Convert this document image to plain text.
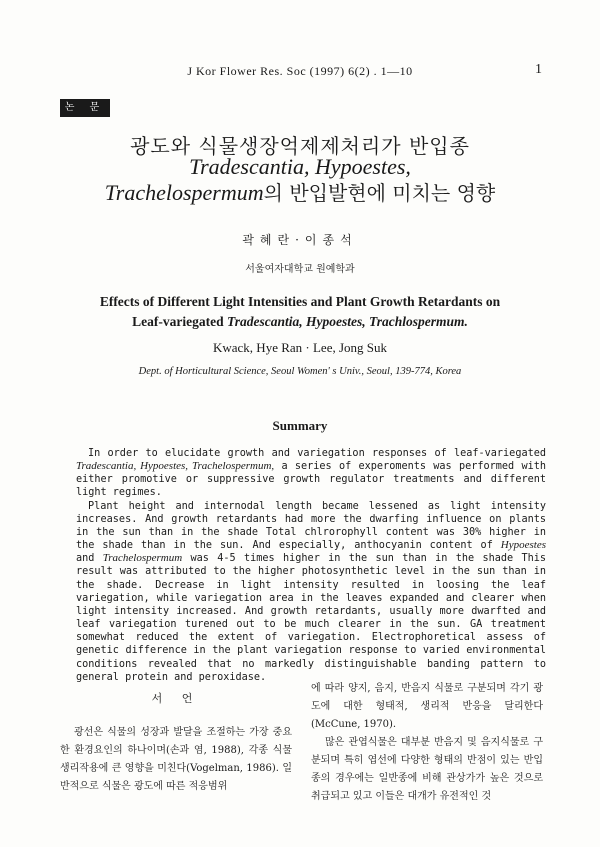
J Kor Flower Res. Soc (1997) 6(2) . 1—10	1
논 문
광도와 식물생장억제제처리가 반입종
Tradescantia, Hypoestes,
Trachelospermum의 반입발현에 미치는 영향
곽혜란·이종석
서울여자대학교 원예학과
Effects of Different Light Intensities and Plant Growth Retardants on
Leaf-variegated Tradescantia, Hypoestes, Trachlospermum.
Kwack, Hye Ran · Lee, Jong Suk
Dept. of Horticultural Science, Seoul Women' s Univ., Seoul, 139-774, Korea
Summary

In order to elucidate growth and variegation responses of leaf-variegated Tradescantia, Hypoestes, Trachelospermum, a series of experoments was performed with either promotive or suppressive growth regulator treatments and different light regimes.

Plant height and internodal length became lessened as light intensity increases. And growth retardants had more the dwarfing influence on plants in the sun than in the shade Total chlrorophyll content was 30% higher in the shade than in the sun. And especially, anthocyanin content of Hypoestes and Trachelospermum was 4-5 times higher in the sun than in the shade This result was attributed to the higher photosynthetic level in the sun than in the shade. Decrease in light intensity resulted in loosing the leaf variegation, while variegation area in the leaves expanded and clearer when light intensity increased. And growth retardants, usually more dwarfted and leaf variegation turened out to be much clearer in the sun. GA treatment somewhat reduced the extent of variegation. Electrophoretical assess of genetic difference in the plant variegation response to varied environmental conditions revealed that no markedly distinguishable banding pattern to general protein and peroxidase.

서 언

광선은 식물의 성장과 발달을 조절하는 가장 중요한 환경요인의 하나이며(손과 염, 1988), 각종 식물생리작용에 큰 영향을 미친다(Vogelman, 1986). 일반적으로 식물은 광도에 따른 적응범위

에 따라 양지, 음지, 반음지 식물로 구분되며 각기 광도에 대한 형태적, 생리적 반응을 달리한다 (McCune, 1970).

많은 관엽식물은 대부분 반음지 및 음지식물로 구분되며 특히 엽선에 다양한 형태의 반점이 있는 반입종의 경우에는 일반종에 비해 관상가가 높은 것으로 취급되고 있고 이들은 대개가 유전적인 것
